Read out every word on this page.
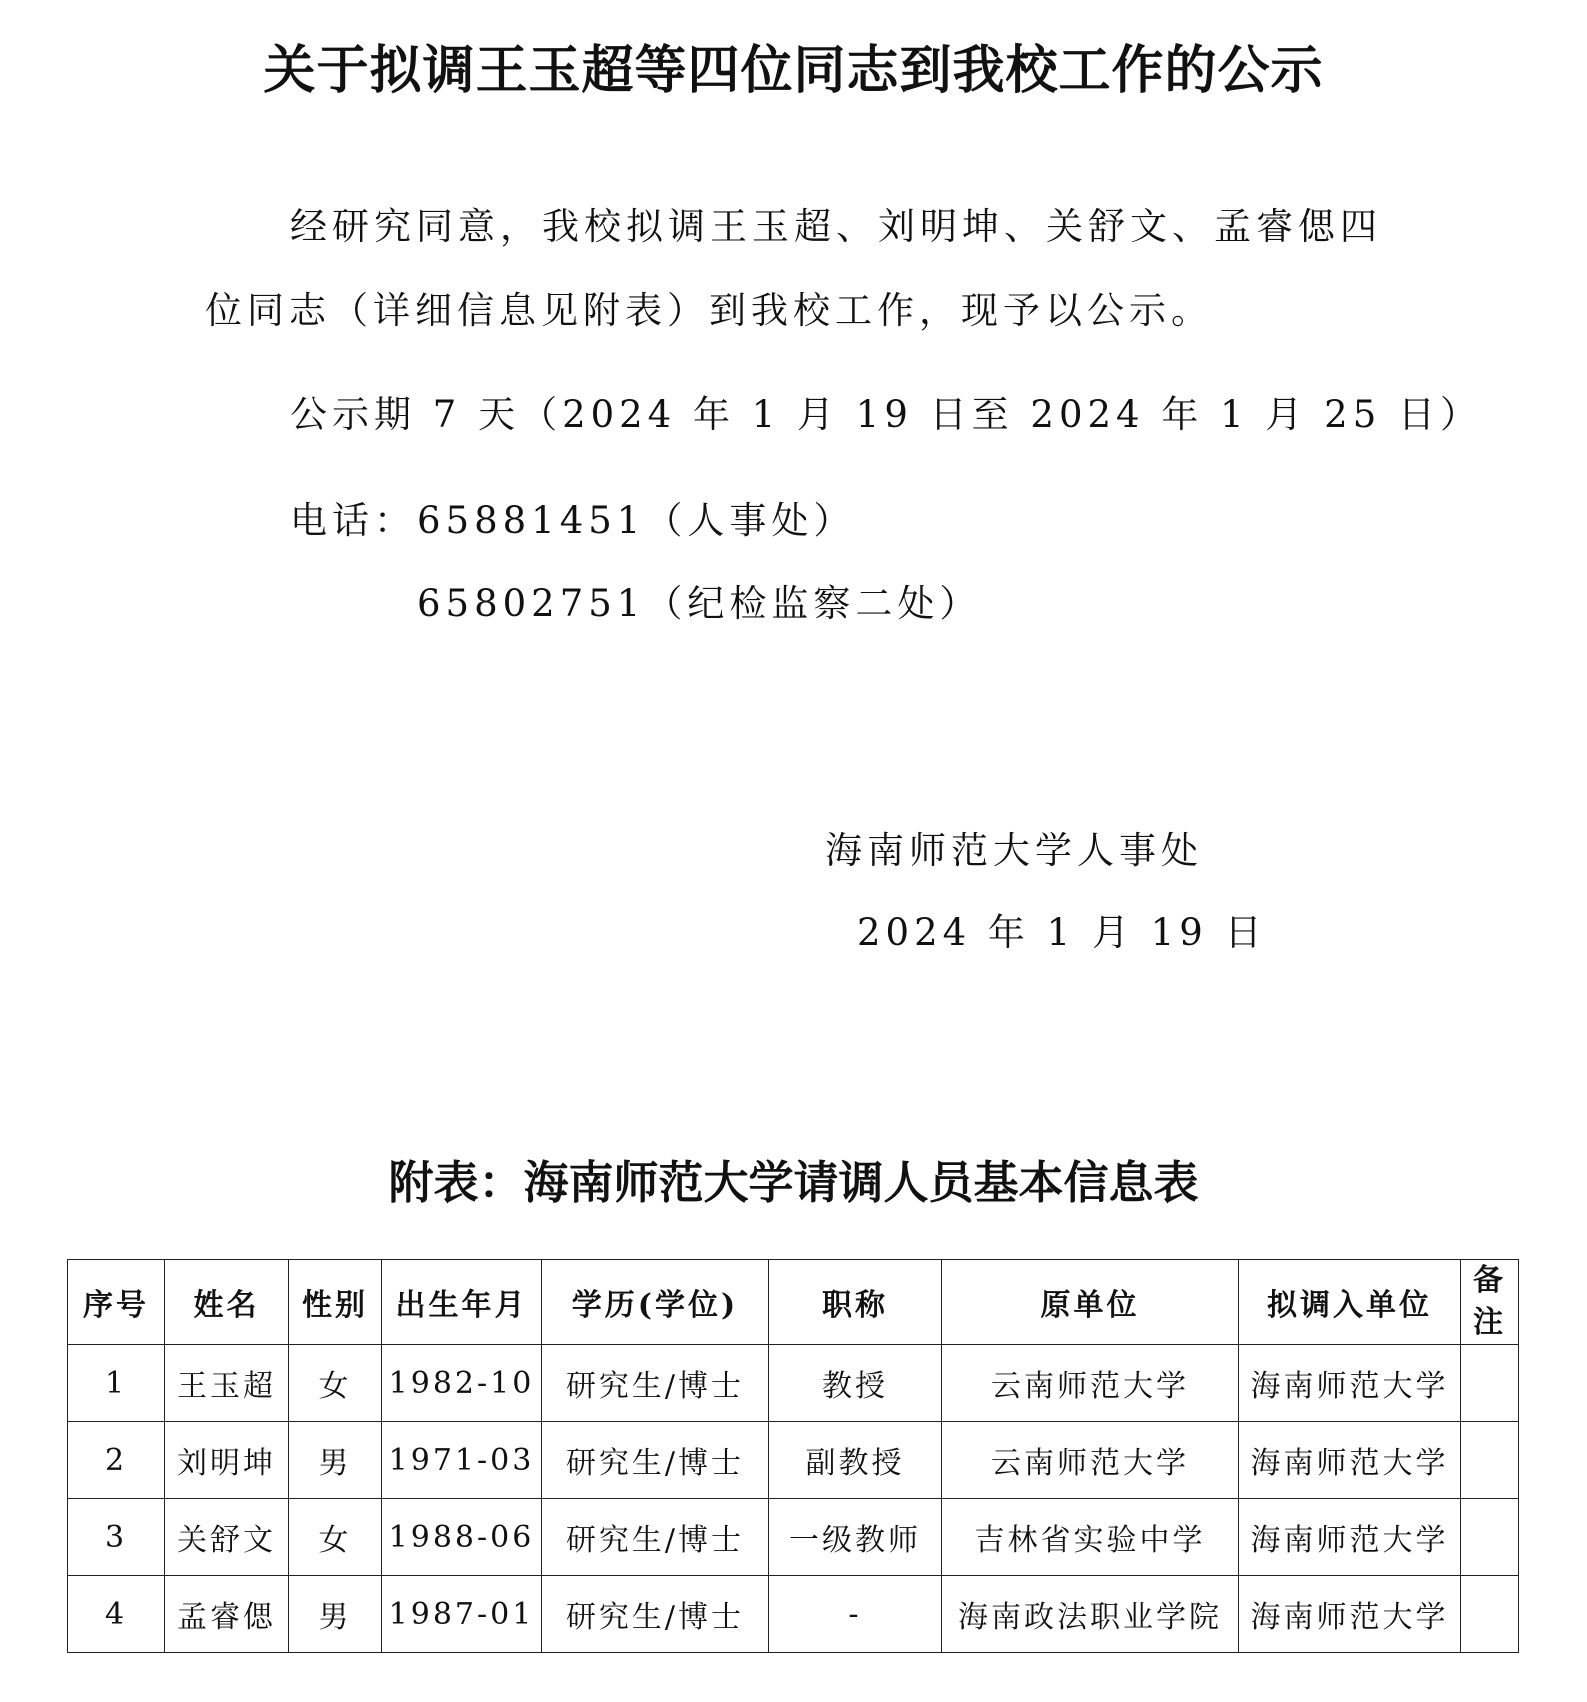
关于拟调王玉超等四位同志到我校工作的公示
经研究同意，我校拟调王玉超、刘明坤、关舒文、孟睿偲四
位同志（详细信息见附表）到我校工作，现予以公示。
公示期 7 天（2024 年 1 月 19 日至 2024 年 1 月 25 日）
电话：65881451（人事处）
65802751（纪检监察二处）
海南师范大学人事处
2024 年 1 月 19 日
附表：海南师范大学请调人员基本信息表
序号	姓名	性别	出生年月	学历(学位)	职称	原单位	拟调入单位	备
注
1	王玉超	女	1982-10	研究生/博士	教授	云南师范大学	海南师范大学	
2	刘明坤	男	1971-03	研究生/博士	副教授	云南师范大学	海南师范大学	
3	关舒文	女	1988-06	研究生/博士	一级教师	吉林省实验中学	海南师范大学	
4	孟睿偲	男	1987-01	研究生/博士	-	海南政法职业学院	海南师范大学	
